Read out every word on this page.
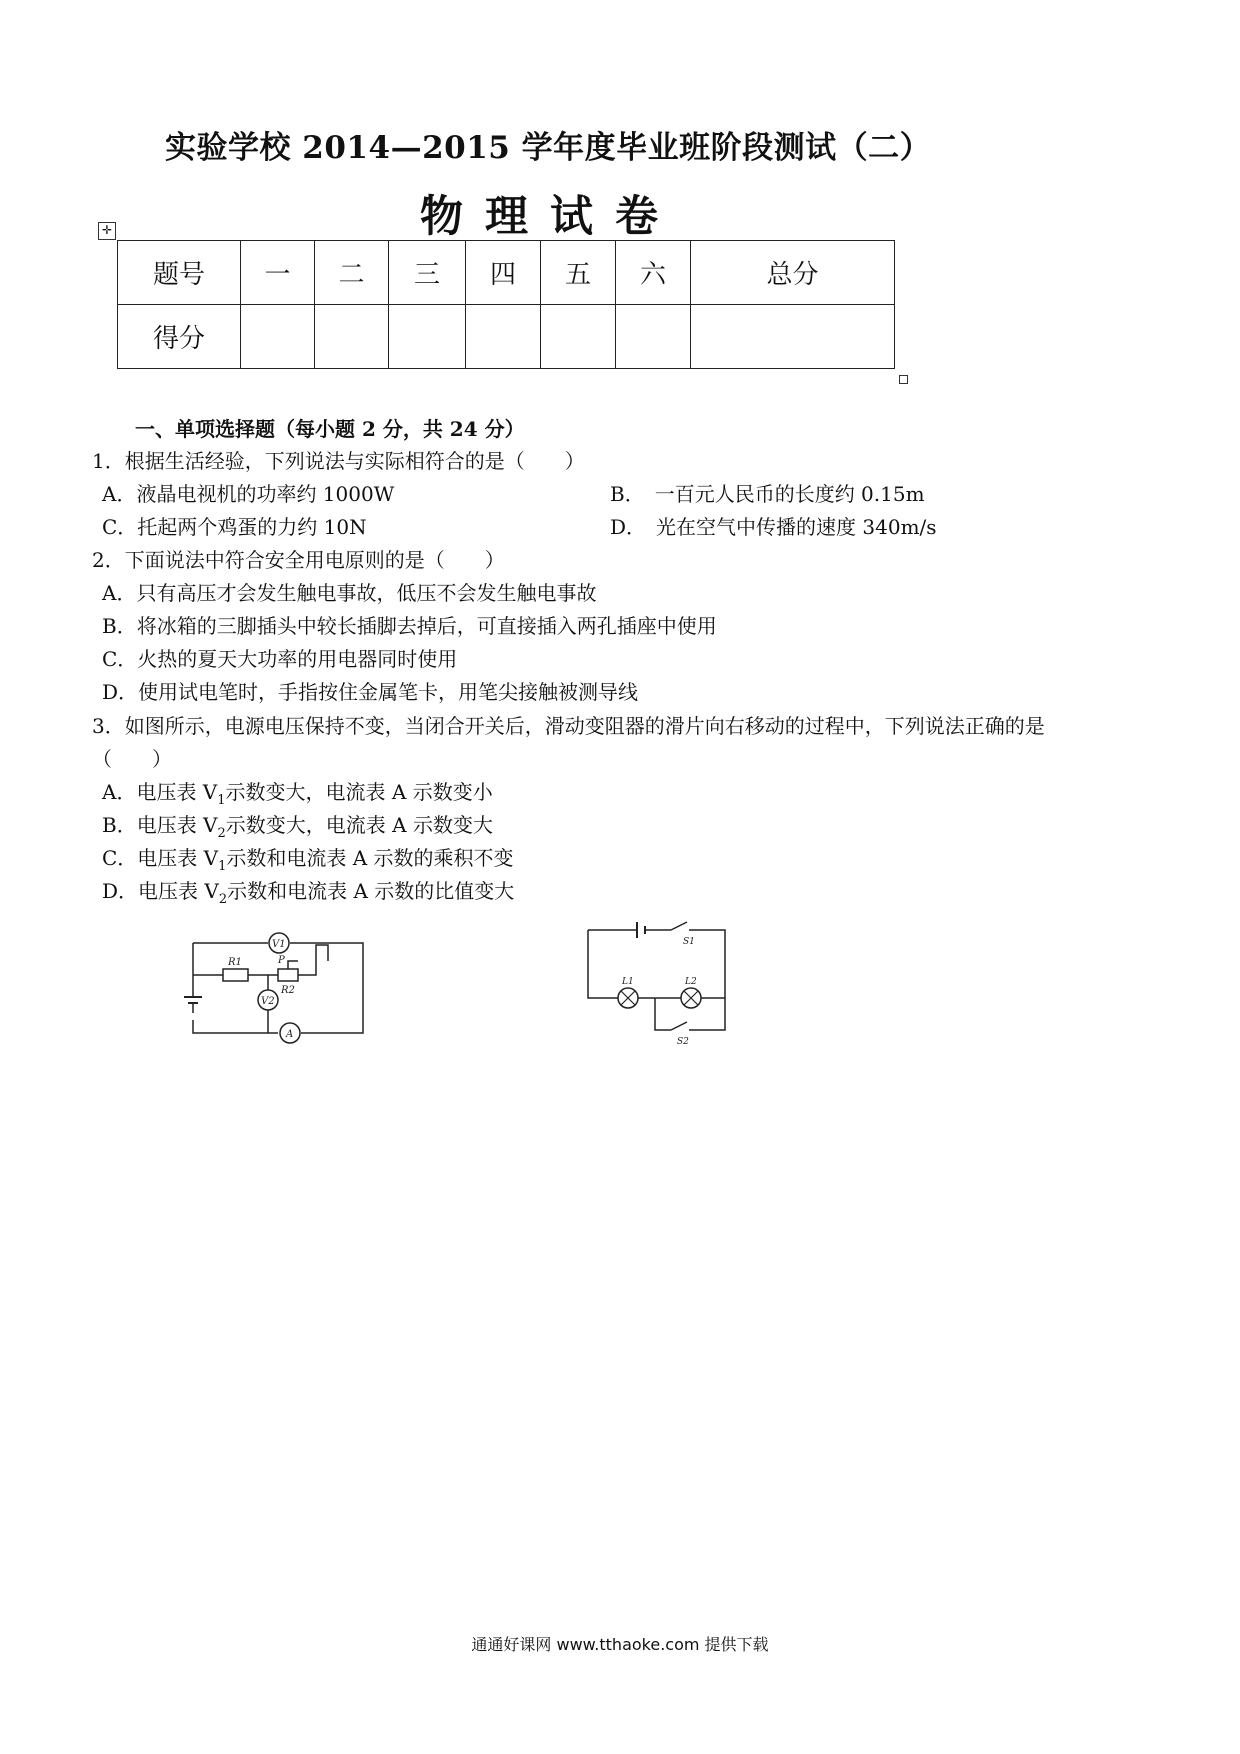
实验学校 2014—2015 学年度毕业班阶段测试（二）
物理试卷
✛
题号	一	二	三	四	五	六	总分
得分							
一、单项选择题（每小题 2 分，共 24 分）
1．根据生活经验，下列说法与实际相符合的是（　　）
A．液晶电视机的功率约 1000W	B．　一百元人民币的长度约 0.15m
C．托起两个鸡蛋的力约 10N	D．　光在空气中传播的速度 340m/s
2．下面说法中符合安全用电原则的是（　　）
A．只有高压才会发生触电事故，低压不会发生触电事故
B．将冰箱的三脚插头中较长插脚去掉后，可直接插入两孔插座中使用
C．火热的夏天大功率的用电器同时使用
D．使用试电笔时，手指按住金属笔卡，用笔尖接触被测导线
3．如图所示，电源电压保持不变，当闭合开关后，滑动变阻器的滑片向右移动的过程中，下列说法正确的是
（　　）
A．电压表 $V_1$示数变大，电流表 A 示数变小
B．电压表 $V_2$示数变大，电流表 A 示数变大
C．电压表 $V_1$示数和电流表 A 示数的乘积不变
D．电压表 $V_2$示数和电流表 A 示数的比值变大
V1
V2
A
R1
R2
P
S1
S2
L1	L2
通通好课网 www.tthaoke.com 提供下载
